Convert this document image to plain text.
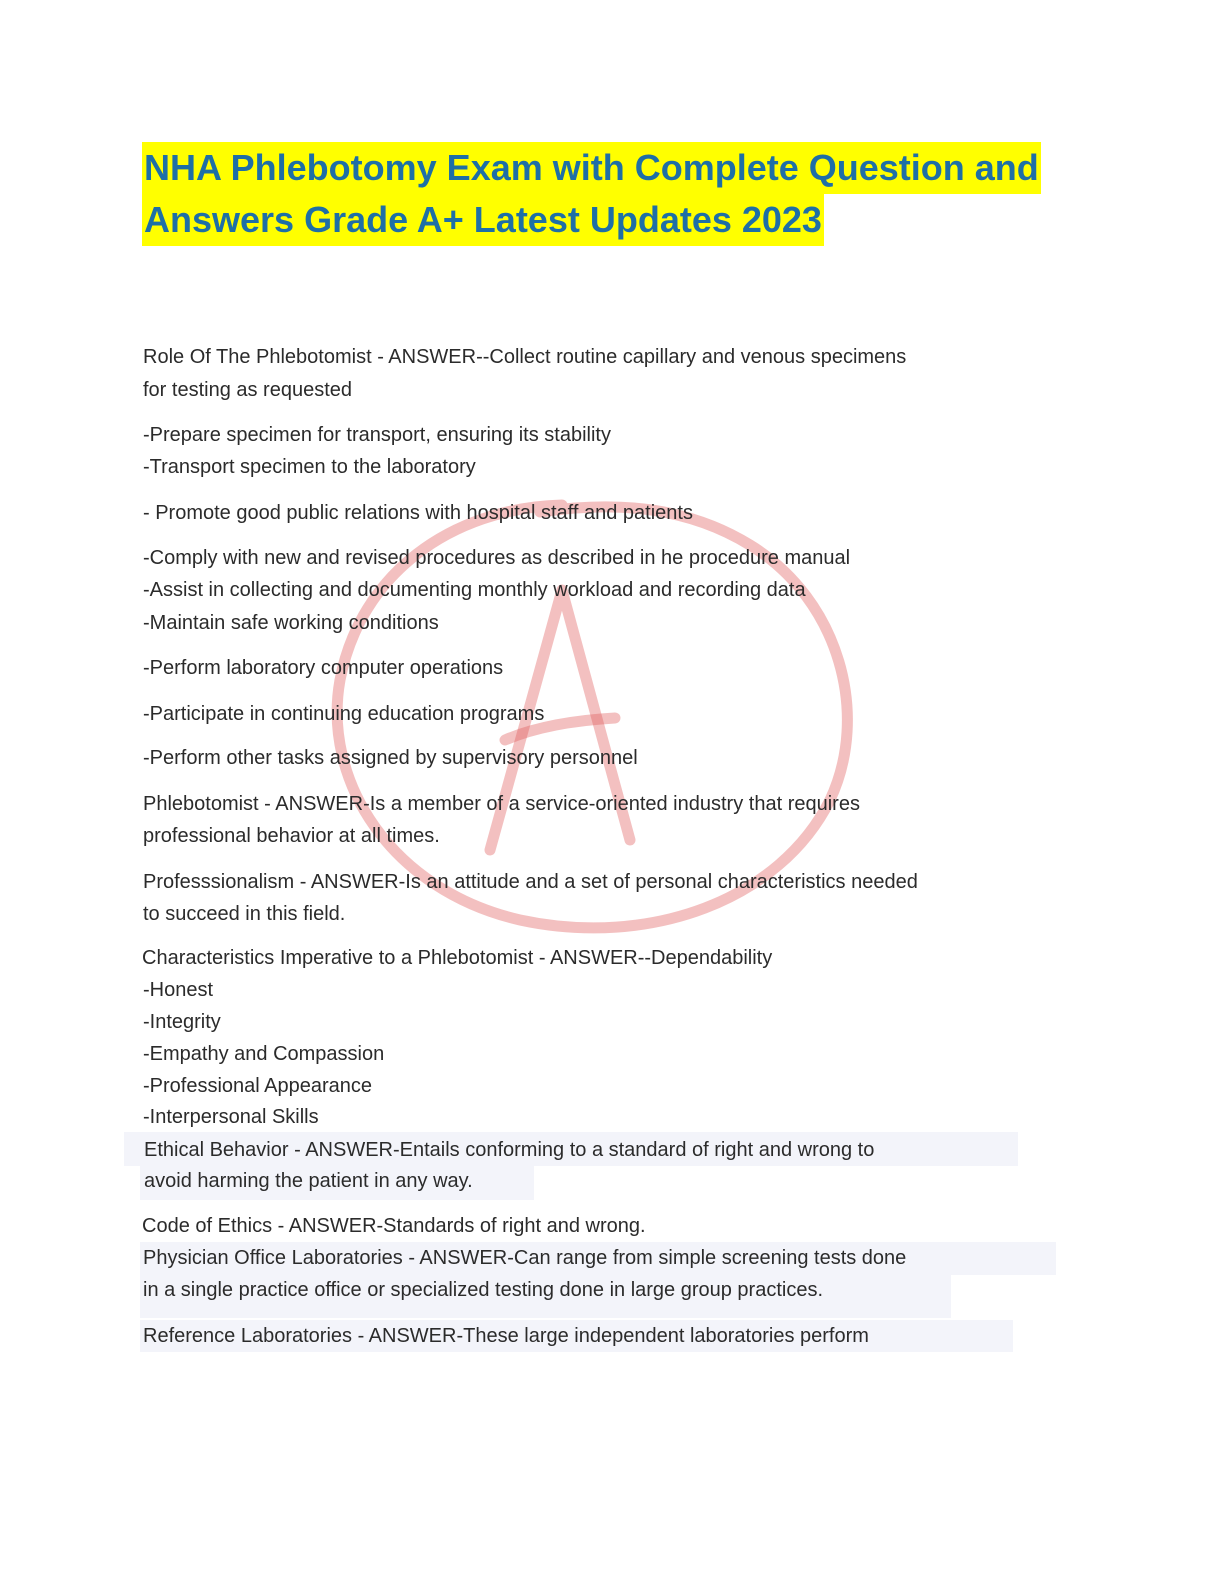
NHA Phlebotomy Exam with Complete Question and
Answers Grade A+ Latest Updates 2023
Role Of The Phlebotomist - ANSWER--Collect routine capillary and venous specimens
for testing as requested
-Prepare specimen for transport, ensuring its stability
-Transport specimen to the laboratory
- Promote good public relations with hospital staff and patients
-Comply with new and revised procedures as described in he procedure manual
-Assist in collecting and documenting monthly workload and recording data
-Maintain safe working conditions
-Perform laboratory computer operations
-Participate in continuing education programs
-Perform other tasks assigned by supervisory personnel
Phlebotomist - ANSWER-Is a member of a service-oriented industry that requires
professional behavior at all times.
Professsionalism - ANSWER-Is an attitude and a set of personal characteristics needed
to succeed in this field.
Characteristics Imperative to a Phlebotomist - ANSWER--Dependability
-Honest
-Integrity
-Empathy and Compassion
-Professional Appearance
-Interpersonal Skills
Ethical Behavior - ANSWER-Entails conforming to a standard of right and wrong to
avoid harming the patient in any way.
Code of Ethics - ANSWER-Standards of right and wrong.
Physician Office Laboratories - ANSWER-Can range from simple screening tests done
in a single practice office or specialized testing done in large group practices.
Reference Laboratories - ANSWER-These large independent laboratories perform
